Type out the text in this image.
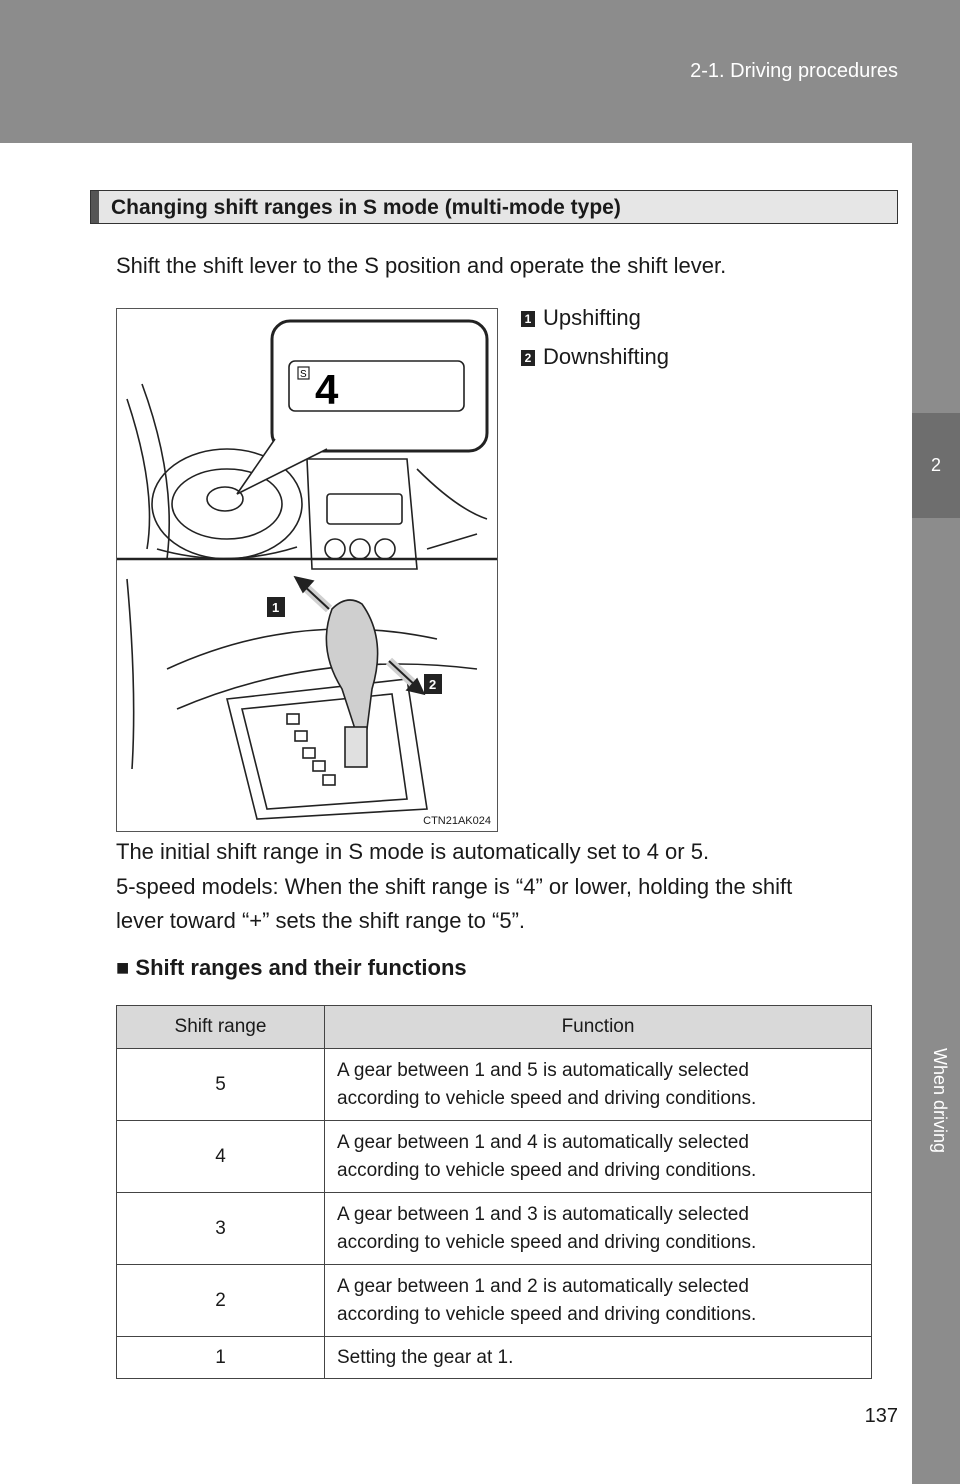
2-1. Driving procedures
2
When driving
Changing shift ranges in S mode (multi-mode type)
Shift the shift lever to the S position and operate the shift lever.
S 4
1
2
CTN21AK024
1 Upshifting
2 Downshifting
The initial shift range in S mode is automatically set to 4 or 5.
5-speed models: When the shift range is “4” or lower, holding the shift
lever toward “+” sets the shift range to “5”.
■ Shift ranges and their functions
Shift range	Function
5	A gear between 1 and 5 is automatically selected
according to vehicle speed and driving conditions.
4	A gear between 1 and 4 is automatically selected
according to vehicle speed and driving conditions.
3	A gear between 1 and 3 is automatically selected
according to vehicle speed and driving conditions.
2	A gear between 1 and 2 is automatically selected
according to vehicle speed and driving conditions.
1	Setting the gear at 1.
137
